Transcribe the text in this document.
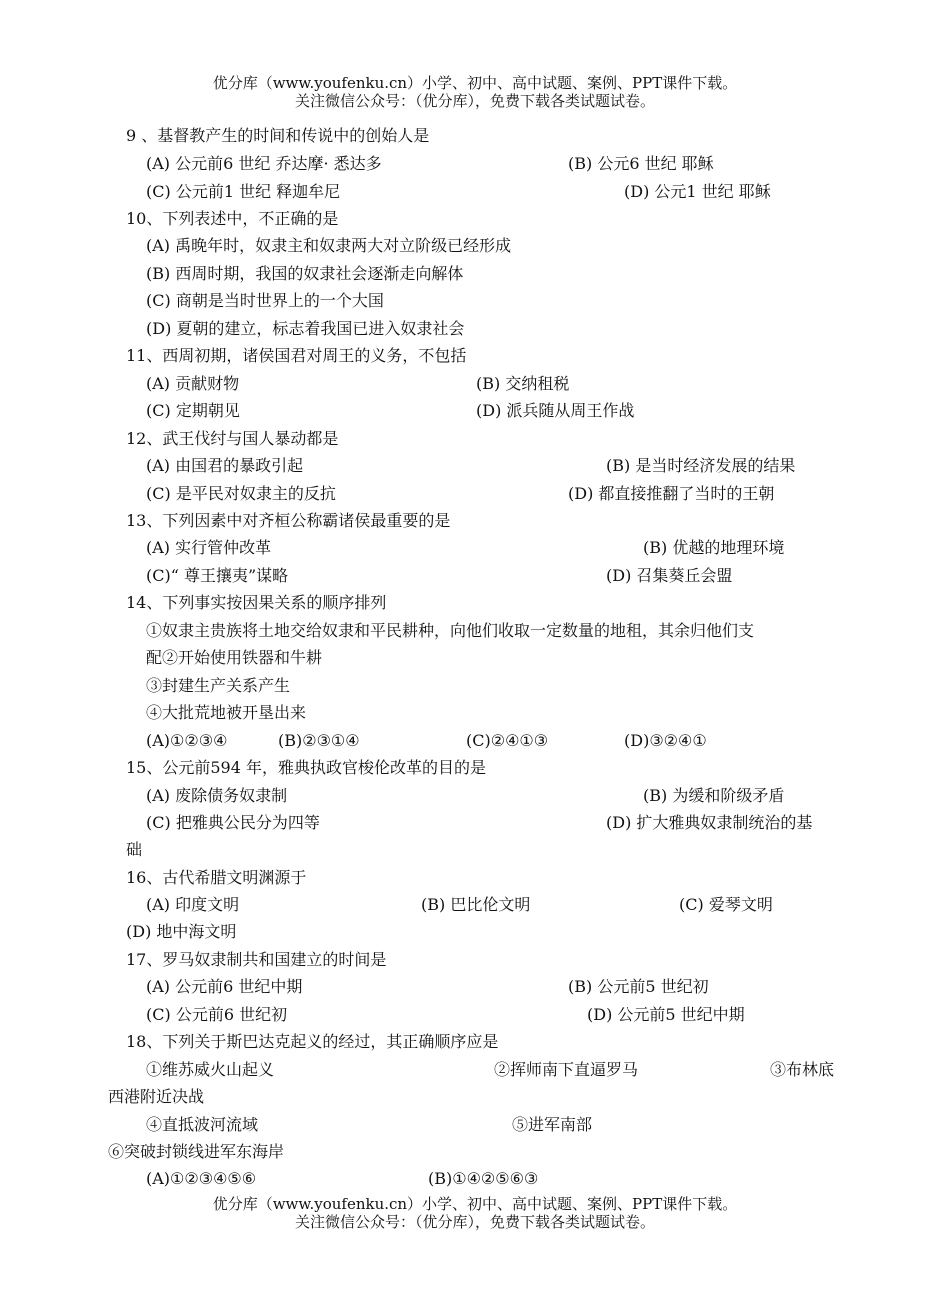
优分库（www.youfenku.cn）小学、初中、高中试题、案例、PPT课件下载。
关注微信公众号：（优分库），免费下载各类试题试卷。
9 、基督教产生的时间和传说中的创始人是
(A) 公元前6 世纪 乔达摩· 悉达多	(B) 公元6 世纪 耶稣
(C) 公元前1 世纪 释迦牟尼	(D) 公元1 世纪 耶稣
10、下列表述中，不正确的是
(A) 禹晚年时，奴隶主和奴隶两大对立阶级已经形成
(B) 西周时期，我国的奴隶社会逐渐走向解体
(C) 商朝是当时世界上的一个大国
(D) 夏朝的建立，标志着我国已进入奴隶社会
11、西周初期，诸侯国君对周王的义务，不包括
(A) 贡献财物	(B) 交纳租税
(C) 定期朝见	(D) 派兵随从周王作战
12、武王伐纣与国人暴动都是
(A) 由国君的暴政引起	(B) 是当时经济发展的结果
(C) 是平民对奴隶主的反抗	(D) 都直接推翻了当时的王朝
13、下列因素中对齐桓公称霸诸侯最重要的是
(A) 实行管仲改革	(B) 优越的地理环境
(C)“ 尊王攘夷”谋略	(D) 召集葵丘会盟
14、下列事实按因果关系的顺序排列
①奴隶主贵族将土地交给奴隶和平民耕种，向他们收取一定数量的地租，其余归他们支
配②开始使用铁器和牛耕
③封建生产关系产生
④大批荒地被开垦出来
(A)①②③④	(B)②③①④	(C)②④①③	(D)③②④①
15、公元前594 年，雅典执政官梭伦改革的目的是
(A) 废除债务奴隶制	(B) 为缓和阶级矛盾
(C) 把雅典公民分为四等	(D) 扩大雅典奴隶制统治的基
础
16、古代希腊文明渊源于
(A) 印度文明	(B) 巴比伦文明	(C) 爱琴文明
(D) 地中海文明
17、罗马奴隶制共和国建立的时间是
(A) 公元前6 世纪中期	(B) 公元前5 世纪初
(C) 公元前6 世纪初	(D) 公元前5 世纪中期
18、下列关于斯巴达克起义的经过，其正确顺序应是
①维苏威火山起义	②挥师南下直逼罗马	③布林底
西港附近决战
④直抵波河流域	⑤进军南部
⑥突破封锁线进军东海岸
(A)①②③④⑤⑥	(B)①④②⑤⑥③
优分库（www.youfenku.cn）小学、初中、高中试题、案例、PPT课件下载。
关注微信公众号：（优分库），免费下载各类试题试卷。
